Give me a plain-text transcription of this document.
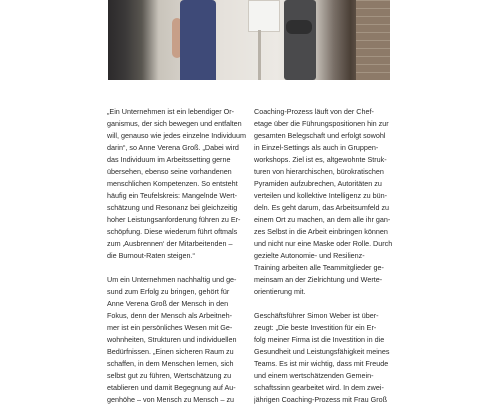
„Ein Unternehmen ist ein lebendiger Or-
ganismus, der sich bewegen und entfalten
will, genauso wie jedes einzelne Individuum
darin“, so Anne Verena Groß. „Dabei wird
das Individuum im Arbeitssetting gerne
übersehen, ebenso seine vorhandenen
menschlichen Kompetenzen. So entsteht
häufig ein Teufelskreis: Mangelnde Wert-
schätzung und Resonanz bei gleichzeitig
hoher Leistungsanforderung führen zu Er-
schöpfung. Diese wiederum führt oftmals
zum ‚Ausbrennen‘ der Mitarbeitenden –
die Burnout-Raten steigen.“

Um ein Unternehmen nachhaltig und ge-
sund zum Erfolg zu bringen, gehört für
Anne Verena Groß der Mensch in den
Fokus, denn der Mensch als Arbeitneh-
mer ist ein persönliches Wesen mit Ge-
wohnheiten, Strukturen und individuellen
Bedürfnissen. „Einen sicheren Raum zu
schaffen, in dem Menschen lernen, sich
selbst gut zu führen, Wertschätzung zu
etablieren und damit Begegnung auf Au-
genhöhe – von Mensch zu Mensch – zu

Coaching-Prozess läuft von der Chef-
etage über die Führungspositionen hin zur
gesamten Belegschaft und erfolgt sowohl
in Einzel-Settings als auch in Gruppen-
workshops. Ziel ist es, altgewohnte Struk-
turen von hierarchischen, bürokratischen
Pyramiden aufzubrechen, Autoritäten zu
verteilen und kollektive Intelligenz zu bün-
deln. Es geht darum, das Arbeitsumfeld zu
einem Ort zu machen, an dem alle ihr gan-
zes Selbst in die Arbeit einbringen können
und nicht nur eine Maske oder Rolle. Durch
gezielte Autonomie- und Resilienz-
Training arbeiten alle Teammitglieder ge-
meinsam an der Zielrichtung und Werte-
orientierung mit.

Geschäftsführer Simon Weber ist über-
zeugt: „Die beste Investition für ein Er-
folg meiner Firma ist die Investition in die
Gesundheit und Leistungsfähigkeit meines
Teams. Es ist mir wichtig, dass mit Freude
und einem wertschätzenden Gemein-
schaftssinn gearbeitet wird. In dem zwei-
jährigen Coaching-Prozess mit Frau Groß
